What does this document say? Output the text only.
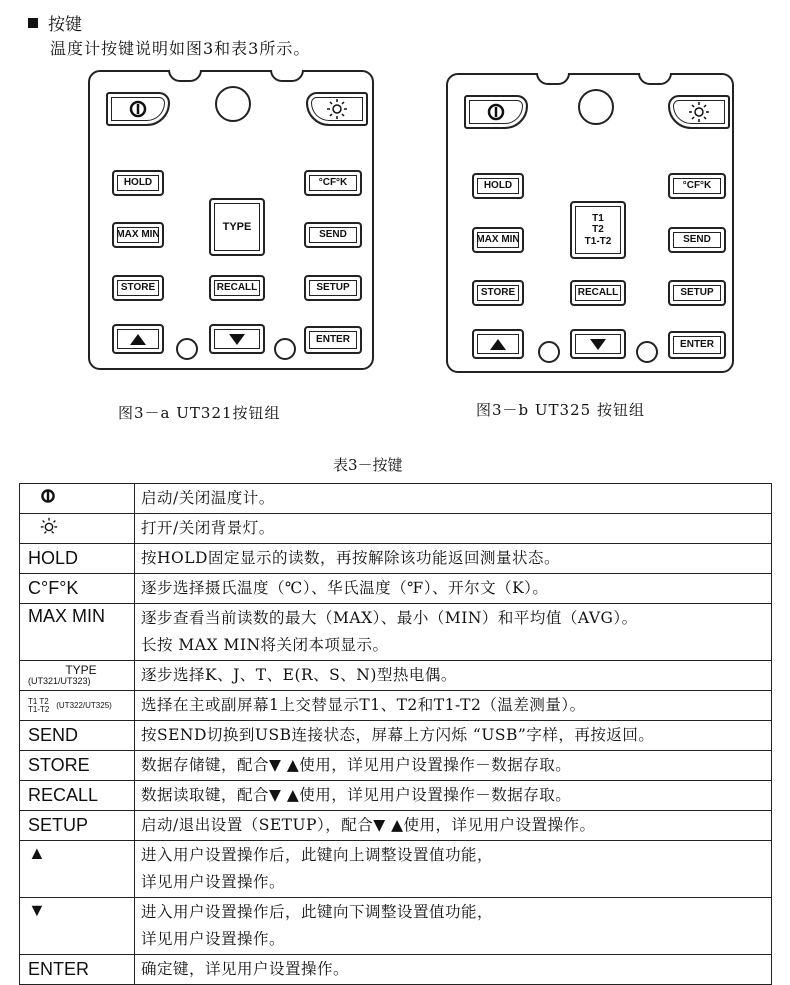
按键
温度计按键说明如图3和表3所示。
HOLD	°CF°K
TYPE
MAX MIN	SEND
STORE	RECALL	SETUP
ENTER
HOLD	°CF°K
T1
T2
T1-T2
MAX MIN	SEND
STORE	RECALL	SETUP
ENTER
图3－a UT321按钮组	图3－b UT325 按钮组
表3－按键
	启动/关闭温度计。
	打开/关闭背景灯。
HOLD	按HOLD固定显示的读数，再按解除该功能返回测量状态。
C°F°K	逐步选择摄氏温度（℃）、华氏温度（℉）、开尔文（K）。
MAX MIN	逐步查看当前读数的最大（MAX）、最小（MIN）和平均值（AVG）。
长按 MAX MIN将关闭本项显示。

TYPE
(UT321/UT323)	逐步选择K、J、T、E(R、S、N)型热电偶。
T1 T2 T1-T2 (UT322/UT325)	选择在主或副屏幕1上交替显示T1、T2和T1-T2（温差测量）。
SEND	按SEND切换到USB连接状态，屏幕上方闪烁 “USB”字样，再按返回。
STORE	数据存储键，配合▼ ▲使用，详见用户设置操作－数据存取。
RECALL	数据读取键，配合▼ ▲使用，详见用户设置操作－数据存取。
SETUP	启动/退出设置（SETUP），配合▼ ▲使用，详见用户设置操作。
▲	进入用户设置操作后，此键向上调整设置值功能，
详见用户设置操作。

▼	进入用户设置操作后，此键向下调整设置值功能，
详见用户设置操作。

ENTER	确定键，详见用户设置操作。
